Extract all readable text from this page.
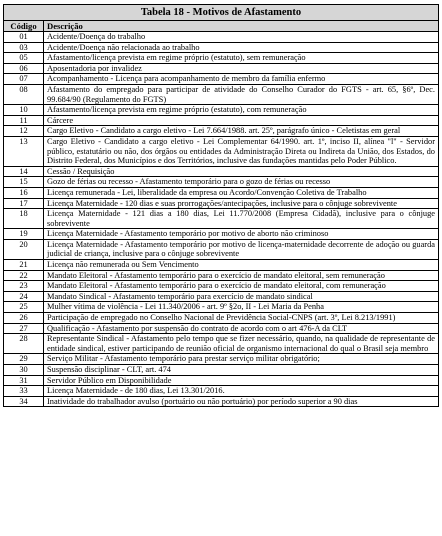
Tabela 18 - Motivos de Afastamento	
Código	Descrição
01	Acidente/Doença do trabalho
03	Acidente/Doença não relacionada ao trabalho
05	Afastamento/licença prevista em regime próprio (estatuto), sem remuneração
06	Aposentadoria por invalidez
07	Acompanhamento - Licença para acompanhamento de membro da família enfermo
08	Afastamento do empregado para participar de atividade do Conselho Curador do FGTS - art. 65, §6º, Dec. 99.684/90 (Regulamento do FGTS)
10	Afastamento/licença prevista em regime próprio (estatuto), com remuneração
11	Cárcere
12	Cargo Eletivo - Candidato a cargo eletivo - Lei 7.664/1988. art. 25º, parágrafo único - Celetistas em geral
13	Cargo Eletivo - Candidato a cargo eletivo - Lei Complementar 64/1990. art. 1º, inciso II, alínea "l" - Servidor público, estatutário ou não, dos órgãos ou entidades da Administração Direta ou Indireta da União, dos Estados, do Distrito Federal, dos Municípios e dos Territórios, inclusive das fundações mantidas pelo Poder Público.
14	Cessão / Requisição
15	Gozo de férias ou recesso - Afastamento temporário para o gozo de férias ou recesso
16	Licença remunerada - Lei, liberalidade da empresa ou Acordo/Convenção Coletiva de Trabalho
17	Licença Maternidade - 120 dias e suas prorrogações/antecipações, inclusive para o cônjuge sobrevivente
18	Licença Maternidade - 121 dias a 180 dias, Lei 11.770/2008 (Empresa Cidadã), inclusive para o cônjuge sobrevivente
19	Licença Maternidade - Afastamento temporário por motivo de aborto não criminoso
20	Licença Maternidade - Afastamento temporário por motivo de licença-maternidade decorrente de adoção ou guarda judicial de criança, inclusive para o cônjuge sobrevivente
21	Licença não remunerada ou Sem Vencimento
22	Mandato Eleitoral - Afastamento temporário para o exercício de mandato eleitoral, sem remuneração
23	Mandato Eleitoral - Afastamento temporário para o exercício de mandato eleitoral, com remuneração
24	Mandato Sindical - Afastamento temporário para exercício de mandato sindical
25	Mulher vítima de violência - Lei 11.340/2006 - art. 9º §2o, II - Lei Maria da Penha
26	Participação de empregado no Conselho Nacional de Previdência Social-CNPS (art. 3º, Lei 8.213/1991)
27	Qualificação - Afastamento por suspensão do contrato de acordo com o art 476-A da CLT
28	Representante Sindical - Afastamento pelo tempo que se fizer necessário, quando, na qualidade de representante de entidade sindical, estiver participando de reunião oficial de organismo internacional do qual o Brasil seja membro
29	Serviço Militar - Afastamento temporário para prestar serviço militar obrigatório;
30	Suspensão disciplinar - CLT, art. 474
31	Servidor Público em Disponibilidade
33	Licença Maternidade - de 180 dias, Lei 13.301/2016.
34	Inatividade do trabalhador avulso (portuário ou não portuário) por período superior a 90 dias
